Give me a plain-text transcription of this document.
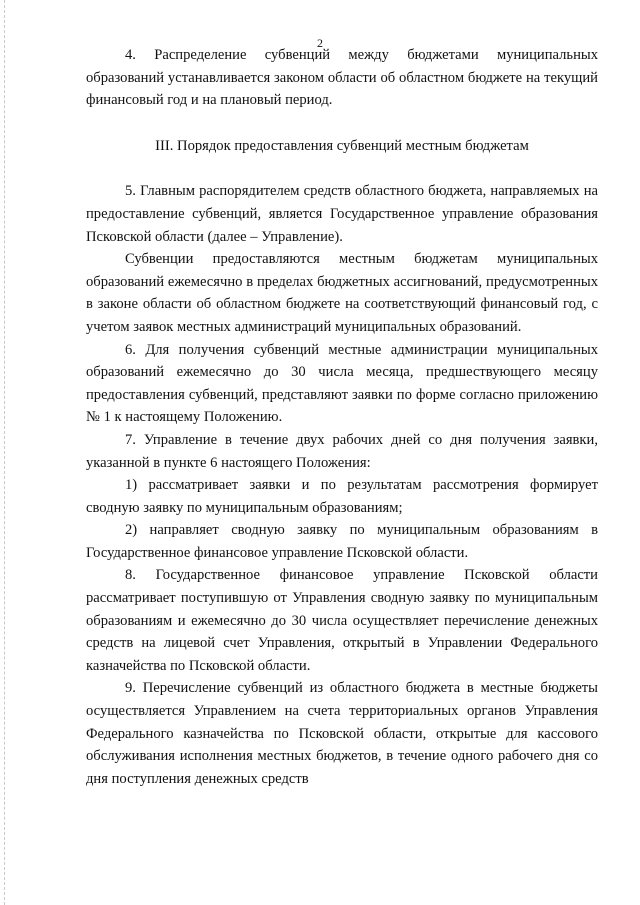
2

4. Распределение субвенций между бюджетами муниципальных образований устанавливается законом области об областном бюджете на текущий финансовый год и на плановый период.

III. Порядок предоставления субвенций местным бюджетам

5. Главным распорядителем средств областного бюджета, направляемых на предоставление субвенций, является Государственное управление образования Псковской области (далее – Управление).

Субвенции предоставляются местным бюджетам муниципальных образований ежемесячно в пределах бюджетных ассигнований, предусмотренных в законе области об областном бюджете на соответствующий финансовый год, с учетом заявок местных администраций муниципальных образований.

6. Для получения субвенций местные администрации муниципальных образований ежемесячно до 30 числа месяца, предшествующего месяцу предоставления субвенций, представляют заявки по форме согласно приложению № 1 к настоящему Положению.

7. Управление в течение двух рабочих дней со дня получения заявки, указанной в пункте 6 настоящего Положения:

1) рассматривает заявки и по результатам рассмотрения формирует сводную заявку по муниципальным образованиям;

2) направляет сводную заявку по муниципальным образованиям в Государственное финансовое управление Псковской области.

8. Государственное финансовое управление Псковской области рассматривает поступившую от Управления сводную заявку по муниципальным образованиям и ежемесячно до 30 числа осуществляет перечисление денежных средств на лицевой счет Управления, открытый в Управлении Федерального казначейства по Псковской области.

9. Перечисление субвенций из областного бюджета в местные бюджеты осуществляется Управлением на счета территориальных органов Управления Федерального казначейства по Псковской области, открытые для кассового обслуживания исполнения местных бюджетов, в течение одного рабочего дня со дня поступления денежных средств
